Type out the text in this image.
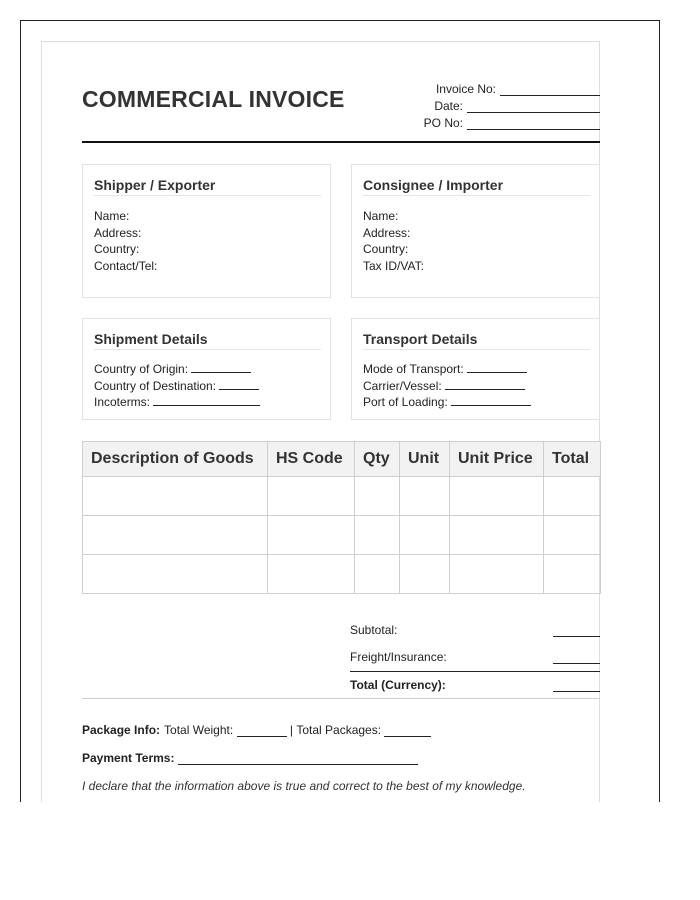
COMMERCIAL INVOICE	Invoice No:
Date:
PO No:
Shipper / Exporter
Name:
Address:
Country:
Contact/Tel:
Consignee / Importer
Name:
Address:
Country:
Tax ID/VAT:
Shipment Details
Country of Origin:
Country of Destination:
Incoterms:
Transport Details
Mode of Transport:
Carrier/Vessel:
Port of Loading:
Description of Goods	HS Code	Qty	Unit	Unit Price	Total

Subtotal:
Freight/Insurance:
Total (Currency):
Package Info: Total Weight:

	|
Total Packages:

Payment Terms:
I declare that the information above is true and correct to the best of my knowledge.
